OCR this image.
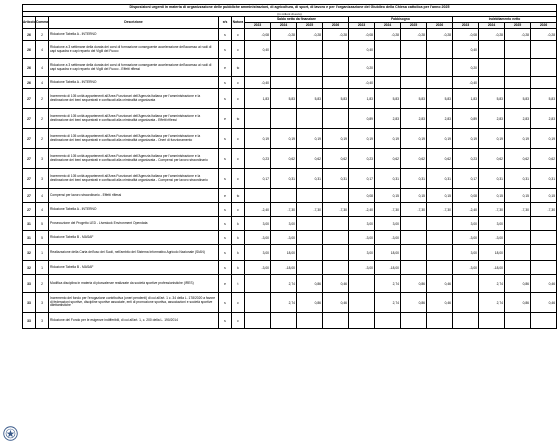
Disposizioni urgenti in materia di organizzazione delle pubbliche amministrazioni, di agricoltura, di sport, di lavoro e per l'organizzazione del Giubileo della Chiesa cattolica per l'anno 2025																
(in milioni di euro)																
Articolo	Comma	Descrizione	e/s	Natura	Saldo netto da finanziare				Fabbisogno				Indebitamento netto			
					2023	2024	2025	2026	2023	2024	2025	2026	2023	2024	2025	2026
26	2	Riduzione Tabella A - INTERNO	s	c	-0,08	-0,28	-0,28	-0,28	-0,08	-0,28	-0,28	-0,28	-0,08	-0,28	-0,28	-0,28
26	4	Riduzione a 3 settimane della durata dei corsi di formazione conseguente accelerazione dell'accesso ai ruoli di capi squadra e capi reparto del Vigili del Fuoco	s	c	0,40				0,40				0,40			
26	4	Riduzione a 3 settimane della durata dei corsi di formazione conseguente accelerazione dell'accesso ai ruoli di capi squadra e capi reparto del Vigili del Fuoco - Effetti riflessi	e	tc					0,20				0,20			
26	4	Riduzione Tabella A - INTERNO	s	c	-0,40				-0,40				-0,40			
27	2	Incremento di 105 unità appartenenti all'Area Funzionari dell'Agenzia Italiana per l'amministrazione e la destinazione dei beni sequestrati e confiscati alla criminalità organizzata	s	c	1,83	5,83	5,83	5,83	1,83	5,83	5,83	5,83	1,83	5,83	5,83	5,83
27	2	Incremento di 105 unità appartenenti all'Area Funzionari dell'Agenzia Italiana per l'amministrazione e la destinazione dei beni sequestrati e confiscati alla criminalità organizzata - Effetti riflessi	e	tc					0,89	2,83	2,83	2,83	0,89	2,83	2,83	2,83
27	2	Incremento di 105 unità appartenenti all'Area Funzionari dell'Agenzia Italiana per l'amministrazione e la destinazione dei beni sequestrati e confiscati alla criminalità organizzata - Oneri di funzionamento	s	c	0,19	0,19	0,19	0,19	0,19	0,19	0,19	0,19	0,19	0,19	0,19	0,19
27	3	Incremento di 105 unità appartenenti all'Area Funzionari dell'Agenzia Italiana per l'amministrazione e la destinazione dei beni sequestrati e confiscati alla criminalità organizzata - Compensi per lavoro straordinario	s	c	0,23	0,62	0,62	0,62	0,23	0,62	0,62	0,62	0,23	0,62	0,62	0,62
27	3	Incremento di 105 unità appartenenti all'Area Funzionari dell'Agenzia Italiana per l'amministrazione e la destinazione dei beni sequestrati e confiscati alla criminalità organizzata - Compensi per lavoro straordinario	s	c	0,17	0,31	0,31	0,31	0,17	0,31	0,31	0,31	0,17	0,31	0,31	0,31
27	4	Compensi per lavoro straordinario - Effetti riflessi	e	tc					0,08	0,15	0,15	0,15	0,08	0,15	0,15	0,15
27	4	Riduzione Tabella A - INTERNO	s	c	-2,40	-7,30	-7,30	-7,30	-2,40	-7,30	-7,30	-7,30	-2,40	-7,30	-7,30	-7,30
31	5	Prosecuzione del Progetto LED - Livestock Environment Opendata	s	k	3,00	3,00			3,00	3,00			3,00	3,00		
31	5	Riduzione Tabella B - MASAF	s	k	-3,00	-3,00			-3,00	-3,00			-3,00	-3,00		
32	1	Realizzazione della Carta dell'uso dei Suoli, nell'ambito del Sistema Informativo Agricolo Nazionale (SIAN)	s	k	3,00	18,00			3,00	18,00			3,00	18,00		
32	1	Riduzione Tabella B - MASAF	s	k	-3,00	-18,00			-3,00	-18,00			-3,00	-18,00		
33	2	Modifica disciplina in materia di plusvalenze realizzate da società sportive professionistiche (IRES)	e	t		2,74	0,86	0,46		2,74	0,86	0,46		2,74	0,86	0,46
33	3	Incremento del fondo per l'erogazione contributiva (oneri pendenti) di cui all'art. 1 c. 34 della L. 178/2020 a favore di federazioni sportive, discipline sportive associate, enti di promozione sportiva, associazioni e società sportive dilettantistiche	s	c		2,74	0,86	0,46		2,74	0,86	0,46		2,74	0,86	0,46
33	3	Riduzione del Fondo per le esigenze indifferibili, di cui all'art. 1, c. 200 della L. 190/2014	s	c												
